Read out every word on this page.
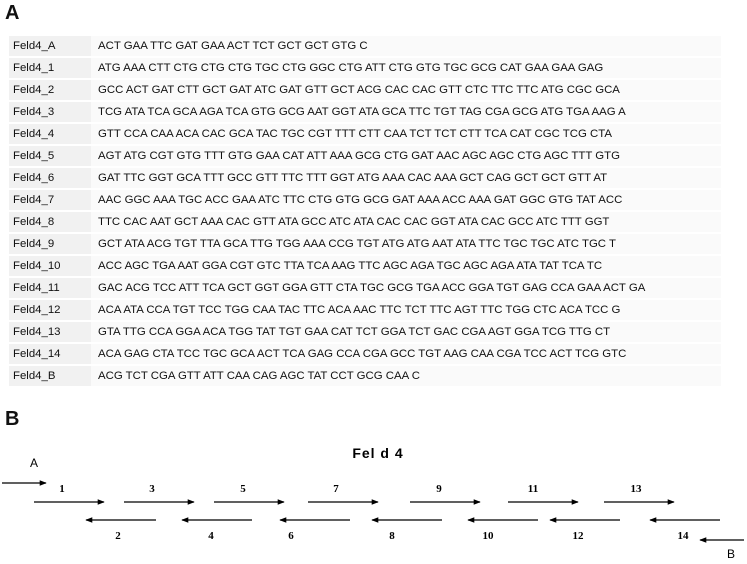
A
Feld4_A	ACT GAA TTC GAT GAA ACT TCT GCT GCT GTG C
Feld4_1	ATG AAA CTT CTG CTG CTG TGC CTG GGC CTG ATT CTG GTG TGC GCG CAT GAA GAA GAG
Feld4_2	GCC ACT GAT CTT GCT GAT ATC GAT GTT GCT ACG CAC CAC GTT CTC TTC TTC ATG CGC GCA
Feld4_3	TCG ATA TCA GCA AGA TCA GTG GCG AAT GGT ATA GCA TTC TGT TAG CGA GCG ATG TGA AAG A
Feld4_4	GTT CCA CAA ACA CAC GCA TAC TGC CGT TTT CTT CAA TCT TCT CTT TCA CAT CGC TCG CTA
Feld4_5	AGT ATG CGT GTG TTT GTG GAA CAT ATT AAA GCG CTG GAT AAC AGC AGC CTG AGC TTT GTG
Feld4_6	GAT TTC GGT GCA TTT GCC GTT TTC TTT GGT ATG AAA CAC AAA GCT CAG GCT GCT GTT AT
Feld4_7	AAC GGC AAA TGC ACC GAA ATC TTC CTG GTG GCG GAT AAA ACC AAA GAT GGC GTG TAT ACC
Feld4_8	TTC CAC AAT GCT AAA CAC GTT ATA GCC ATC ATA CAC CAC GGT ATA CAC GCC ATC TTT GGT
Feld4_9	GCT ATA ACG TGT TTA GCA TTG TGG AAA CCG TGT ATG ATG AAT ATA TTC TGC TGC ATC TGC T
Feld4_10	ACC AGC TGA AAT GGA CGT GTC TTA TCA AAG TTC AGC AGA TGC AGC AGA ATA TAT TCA TC
Feld4_11	GAC ACG TCC ATT TCA GCT GGT GGA GTT CTA TGC GCG TGA ACC GGA TGT GAG CCA GAA ACT GA
Feld4_12	ACA ATA CCA TGT TCC TGG CAA TAC TTC ACA AAC TTC TCT TTC AGT TTC TGG CTC ACA TCC G
Feld4_13	GTA TTG CCA GGA ACA TGG TAT TGT GAA CAT TCT GGA TCT GAC CGA AGT GGA TCG TTG CT
Feld4_14	ACA GAG CTA TCC TGC GCA ACT TCA GAG CCA CGA GCC TGT AAG CAA CGA TCC ACT TCG GTC
Feld4_B	ACG TCT CGA GTT ATT CAA CAG AGC TAT CCT GCG CAA C
B
Fel d 4
A
B
1	3	5	7	9	11	13
2	4	6	8	10	12	14
